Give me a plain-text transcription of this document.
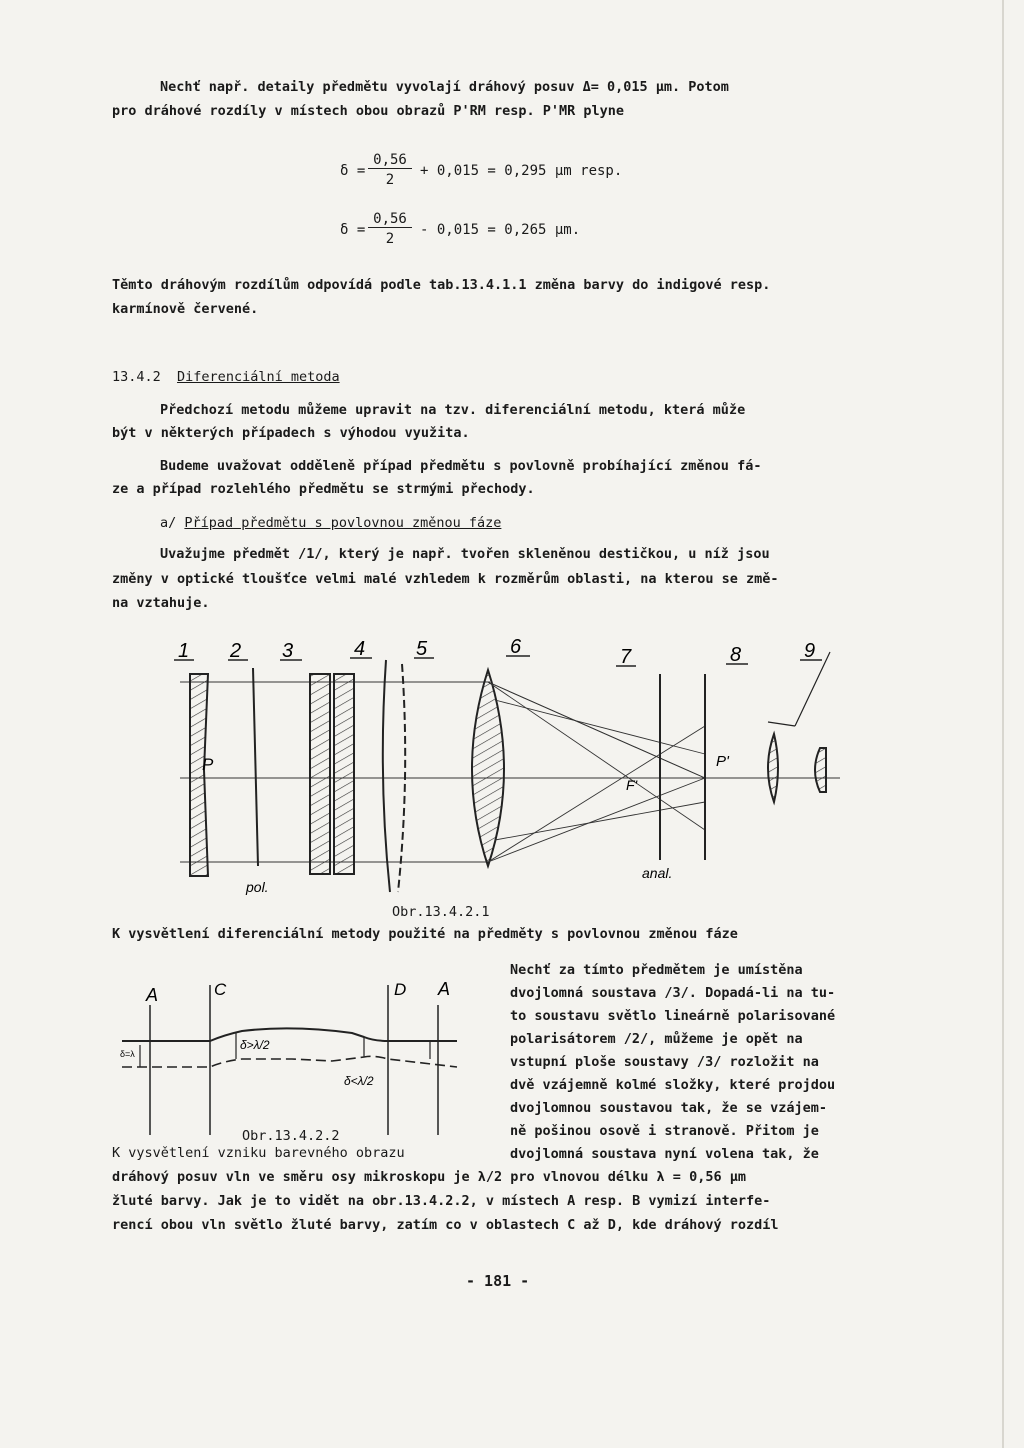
Nechť např. detaily předmětu vyvolají dráhový posuv Δ= 0,015 μm. Potom
pro dráhové rozdíly v místech obou obrazů P'RM resp. P'MR plyne
δ =
0,56
2
+ 0,015 = 0,295 μm resp.
δ =
0,56
2
- 0,015 = 0,265 μm.
Těmto dráhovým rozdílům odpovídá podle tab.13.4.1.1 změna barvy do indigové resp.
karmínově červené.
13.4.2 Diferenciální metoda
Předchozí metodu můžeme upravit na tzv. diferenciální metodu, která může
být v některých případech s výhodou využita.
Budeme uvažovat odděleně případ předmětu s povlovně probíhající změnou fá-
ze a případ rozlehlého předmětu se strmými přechody.
a/ Případ předmětu s povlovnou změnou fáze
Uvažujme předmět /1/, který je např. tvořen skleněnou destičkou, u níž jsou
změny v optické tloušťce velmi malé vzhledem k rozměrům oblasti, na kterou se změ-
na vztahuje.
1 2 3	4	5	6	7	8	9
P	P'
F'
pol.
anal.
Obr.13.4.2.1
K vysvětlení diferenciální metody použité na předměty s povlovnou změnou fáze
A	C	D A
δ>λ/2
δ<λ/2
δ=λ
Obr.13.4.2.2
K vysvětlení vzniku barevného obrazu
Nechť za tímto předmětem je umístěna
dvojlomná soustava /3/. Dopadá-li na tu-
to soustavu světlo lineárně polarisované
polarisátorem /2/, můžeme je opět na
vstupní ploše soustavy /3/ rozložit na
dvě vzájemně kolmé složky, které projdou
dvojlomnou soustavou tak, že se vzájem-
ně pošinou osově i stranově. Přitom je
dvojlomná soustava nyní volena tak, že
dráhový posuv vln ve směru osy mikroskopu je λ/2 pro vlnovou délku λ = 0,56 μm
žluté barvy. Jak je to vidět na obr.13.4.2.2, v místech A resp. B vymizí interfe-
rencí obou vln světlo žluté barvy, zatím co v oblastech C až D, kde dráhový rozdíl
- 181 -
